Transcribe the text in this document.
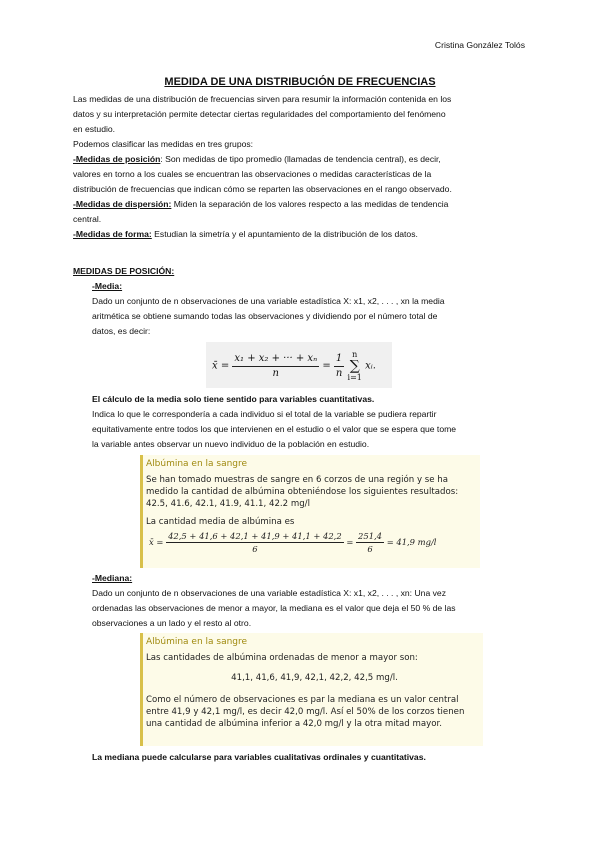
Cristina González Tolós
MEDIDA DE UNA DISTRIBUCIÓN DE FRECUENCIAS
Las medidas de una distribución de frecuencias sirven para resumir la información contenida en los
datos y su interpretación permite detectar ciertas regularidades del comportamiento del fenómeno
en estudio.
Podemos clasificar las medidas en tres grupos:
-Medidas de posición: Son medidas de tipo promedio (llamadas de tendencia central), es decir,
valores en torno a los cuales se encuentran las observaciones o medidas características de la
distribución de frecuencias que indican cómo se reparten las observaciones en el rango observado.
-Medidas de dispersión: Miden la separación de los valores respecto a las medidas de tendencia
central.
-Medidas de forma: Estudian la simetría y el apuntamiento de la distribución de los datos.
MEDIDAS DE POSICIÓN:
-Media:
Dado un conjunto de n observaciones de una variable estadística X: x1, x2, . . . , xn la media
aritmética se obtiene sumando todas las observaciones y dividiendo por el número total de
datos, es decir:
x̄ = $\frac{\text{x₁ + x₂ + ··· + xₙ}}{n} = \frac{1}{n}$
n
∑
i=1
xᵢ.
El cálculo de la media solo tiene sentido para variables cuantitativas.
Indica lo que le correspondería a cada individuo si el total de la variable se pudiera repartir
equitativamente entre todos los que intervienen en el estudio o el valor que se espera que tome
la variable antes observar un nuevo individuo de la población en estudio.
Albúmina en la sangre
Se han tomado muestras de sangre en 6 corzos de una región y se ha
medido la cantidad de albúmina obteniéndose los siguientes resultados:
42.5, 41.6, 42.1, 41.9, 41.1, 42.2 mg/l
La cantidad media de albúmina es
x̄ = $\frac{42,5 + 41,6 + 42,1 + 41,9 + 41,1 + 42,2}{6} = \frac{251,4}{6} = 41,9$ mg/l
-Mediana:
Dado un conjunto de n observaciones de una variable estadística X: x1, x2, . . . , xn: Una vez
ordenadas las observaciones de menor a mayor, la mediana es el valor que deja el 50 % de las
observaciones a un lado y el resto al otro.
Albúmina en la sangre
Las cantidades de albúmina ordenadas de menor a mayor son:
41,1, 41,6, 41,9, 42,1, 42,2, 42,5 mg/l.
Como el número de observaciones es par la mediana es un valor central
entre 41,9 y 42,1 mg/l, es decir 42,0 mg/l. Así el 50% de los corzos tienen
una cantidad de albúmina inferior a 42,0 mg/l y la otra mitad mayor.
La mediana puede calcularse para variables cualitativas ordinales y cuantitativas.
